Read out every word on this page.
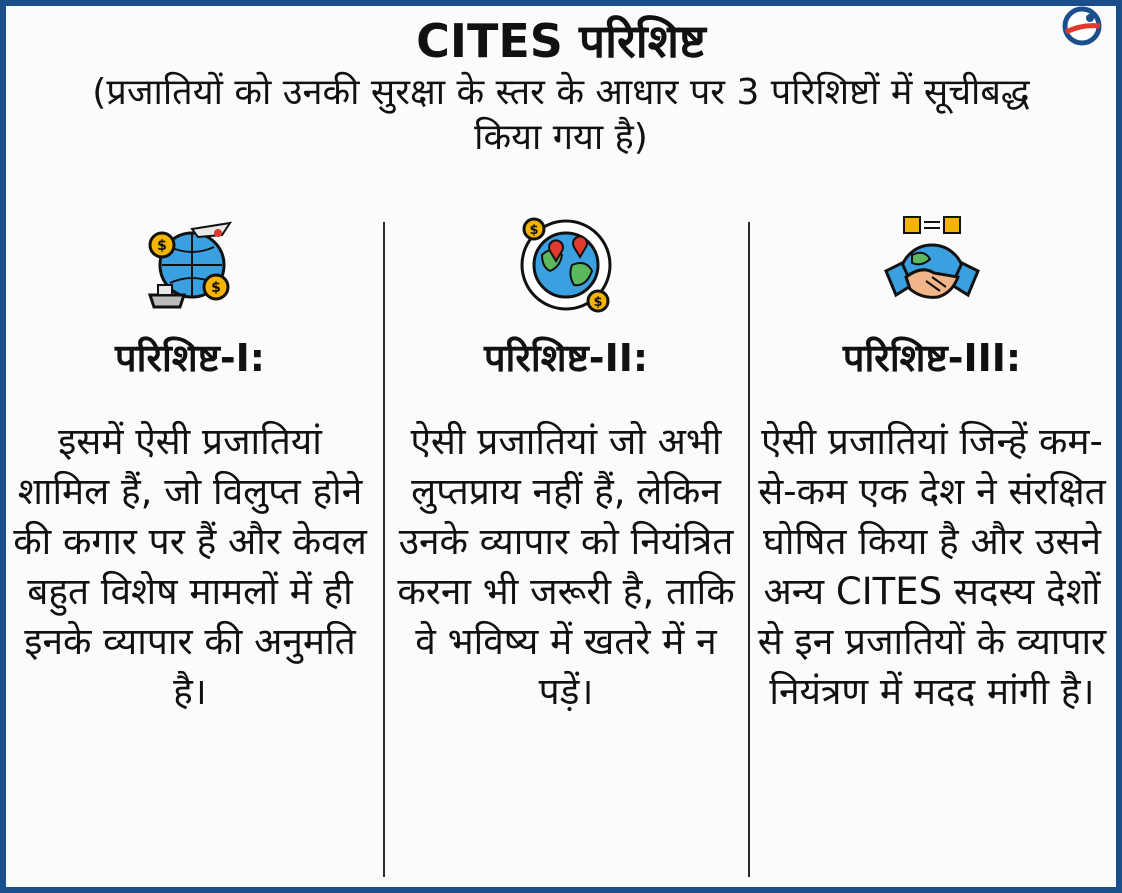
CITES परिशिष्ट
(प्रजातियों को उनकी सुरक्षा के स्तर के आधार पर 3 परिशिष्टों में सूचीबद्ध किया गया है)
$
$
परिशिष्ट-I:

इसमें ऐसी प्रजातियां शामिल हैं, जो विलुप्त होने की कगार पर हैं और केवल बहुत विशेष मामलों में ही इनके व्यापार की अनुमति है।

$
$
परिशिष्ट-II:

ऐसी प्रजातियां जो अभी लुप्तप्राय नहीं हैं, लेकिन उनके व्यापार को नियंत्रित करना भी जरूरी है, ताकि वे भविष्य में खतरे में न पड़ें।

परिशिष्ट-III:

ऐसी प्रजातियां जिन्हें कम-से-कम एक देश ने संरक्षित घोषित किया है और उसने अन्य CITES सदस्य देशों से इन प्रजातियों के व्यापार नियंत्रण में मदद मांगी है।
